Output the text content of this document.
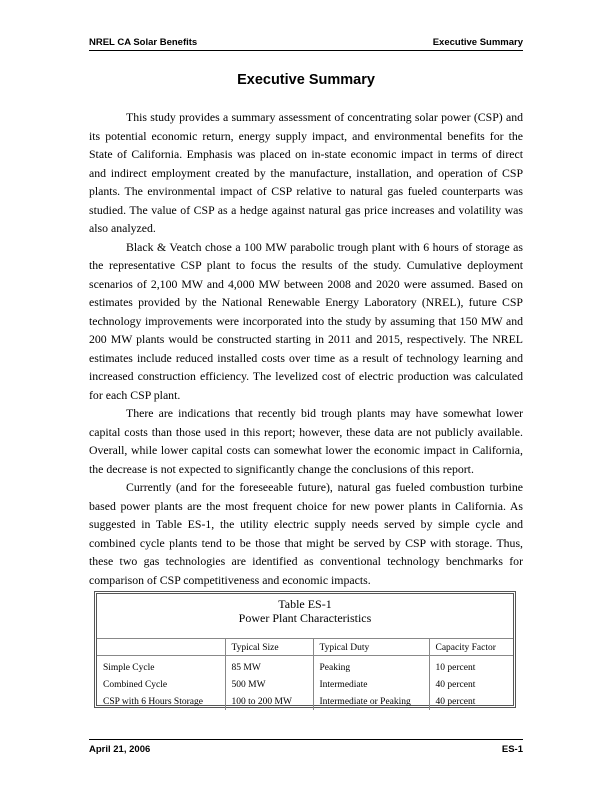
NREL CA Solar Benefits	Executive Summary
Executive Summary

This study provides a summary assessment of concentrating solar power (CSP) and its potential economic return, energy supply impact, and environmental benefits for the State of California. Emphasis was placed on in-state economic impact in terms of direct and indirect employment created by the manufacture, installation, and operation of CSP plants. The environmental impact of CSP relative to natural gas fueled counterparts was studied. The value of CSP as a hedge against natural gas price increases and volatility was also analyzed.

Black & Veatch chose a 100 MW parabolic trough plant with 6 hours of storage as the representative CSP plant to focus the results of the study. Cumulative deployment scenarios of 2,100 MW and 4,000 MW between 2008 and 2020 were assumed. Based on estimates provided by the National Renewable Energy Laboratory (NREL), future CSP technology improvements were incorporated into the study by assuming that 150 MW and 200 MW plants would be constructed starting in 2011 and 2015, respectively. The NREL estimates include reduced installed costs over time as a result of technology learning and increased construction efficiency. The levelized cost of electric production was calculated for each CSP plant.

There are indications that recently bid trough plants may have somewhat lower capital costs than those used in this report; however, these data are not publicly available. Overall, while lower capital costs can somewhat lower the economic impact in California, the decrease is not expected to significantly change the conclusions of this report.

Currently (and for the foreseeable future), natural gas fueled combustion turbine based power plants are the most frequent choice for new power plants in California. As suggested in Table ES-1, the utility electric supply needs served by simple cycle and combined cycle plants tend to be those that might be served by CSP with storage. Thus, these two gas technologies are identified as conventional technology benchmarks for comparison of CSP competitiveness and economic impacts.

Table ES-1
Power Plant Characteristics
	Typical Size	Typical Duty	Capacity Factor
Simple Cycle	85 MW	Peaking	10 percent
Combined Cycle	500 MW	Intermediate	40 percent
CSP with 6 Hours Storage	100 to 200 MW	Intermediate or Peaking	40 percent
April 21, 2006	ES-1
